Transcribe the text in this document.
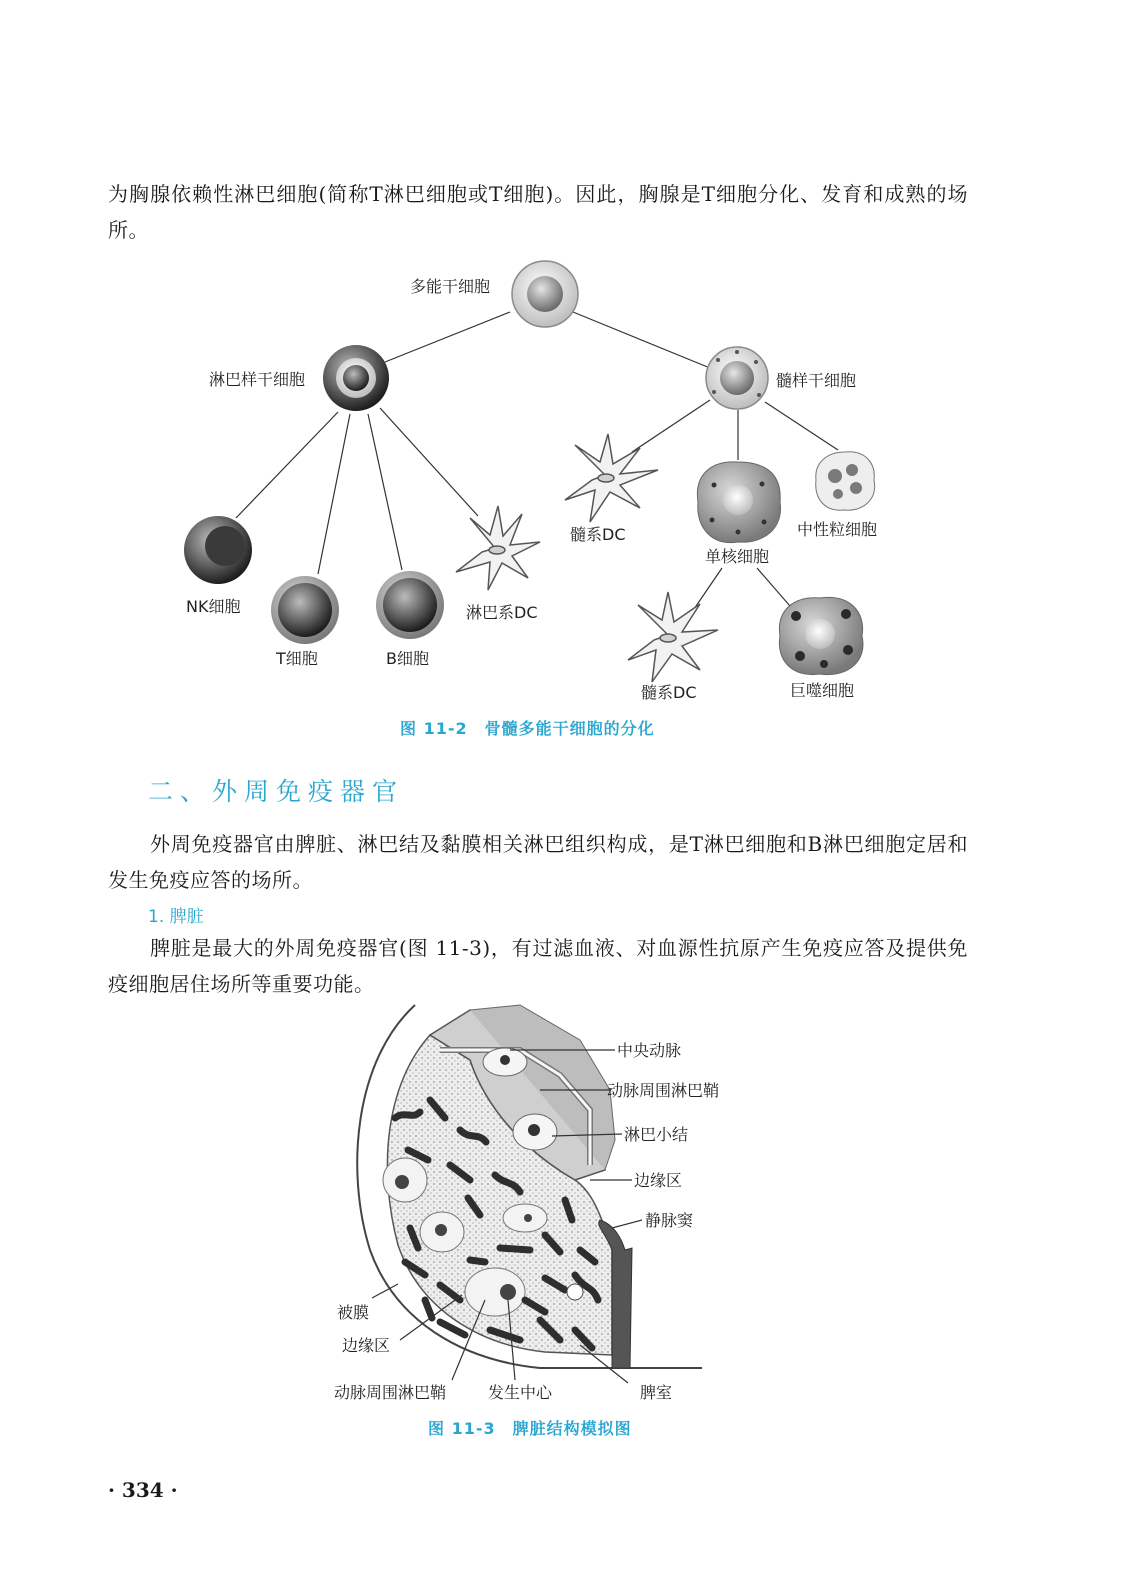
为胸腺依赖性淋巴细胞(简称T淋巴细胞或T细胞)。因此，胸腺是T细胞分化、发育和成熟的场所。

多能干细胞
淋巴样干细胞	髓样干细胞
NK细胞
T细胞	B细胞
淋巴系DC
髓系DC
单核细胞
中性粒细胞
髓系DC	巨噬细胞
图 11-2　骨髓多能干细胞的分化
二、外周免疫器官

外周免疫器官由脾脏、淋巴结及黏膜相关淋巴组织构成，是T淋巴细胞和B淋巴细胞定居和发生免疫应答的场所。

1. 脾脏

脾脏是最大的外周免疫器官(图 11-3)，有过滤血液、对血源性抗原产生免疫应答及提供免疫细胞居住场所等重要功能。

中央动脉
动脉周围淋巴鞘
淋巴小结
边缘区
静脉窦
被膜
边缘区
动脉周围淋巴鞘	发生中心	脾室
图 11-3　脾脏结构模拟图
· 334 ·
